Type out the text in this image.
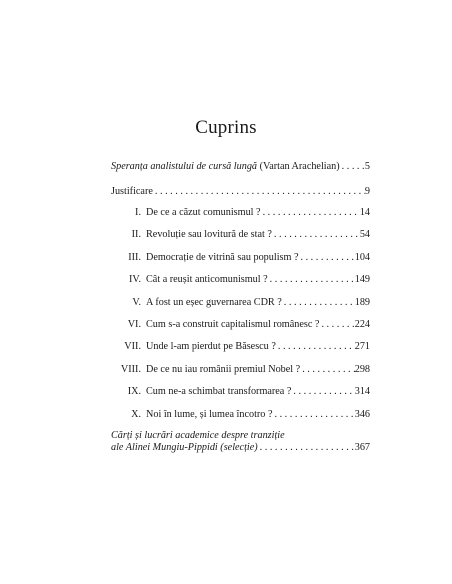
Cuprins
Speranța analistului de cursă lungă (Vartan Arachelian) . . . 5
Justificare . . .	9
I. De ce a căzut comunismul ? . . .	14
II. Revoluție sau lovitură de stat ? . . .	54
III. Democrație de vitrină sau populism ? . . .	104
IV. Cât a reușit anticomunismul ? . . .	149
V. A fost un eșec guvernarea CDR ? . . .	189
VI. Cum s-a construit capitalismul românesc ? . . .	224
VII. Unde l-am pierdut pe Băsescu ? . . .	271
VIII. De ce nu iau românii premiul Nobel ? . . .	298
IX. Cum ne-a schimbat transformarea ? . . .	314
X. Noi în lume, și lumea încotro ? . . .	346
Cărți și lucrări academice despre tranziție
ale Alinei Mungiu-Pippidi (selecție) . . .	367
